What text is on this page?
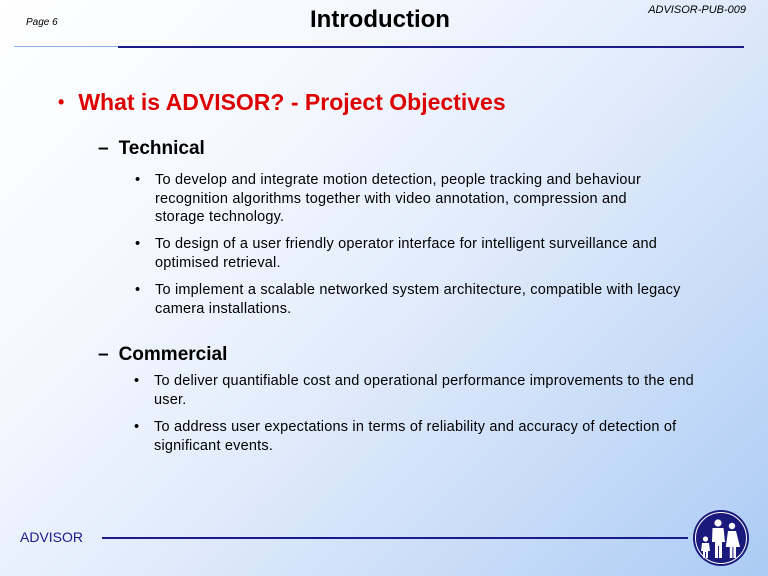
Page 6	Introduction	ADVISOR-PUB-009
• What is ADVISOR? - Project Objectives
– Technical
• To develop and integrate motion detection, people tracking and behaviour recognition algorithms together with video annotation, compression and storage technology.
• To design of a user friendly operator interface for intelligent surveillance and optimised retrieval.
• To implement a scalable networked system architecture, compatible with legacy camera installations.
– Commercial
• To deliver quantifiable cost and operational performance improvements to the end user.
• To address user expectations in terms of reliability and accuracy of detection of significant events.
ADVISOR
